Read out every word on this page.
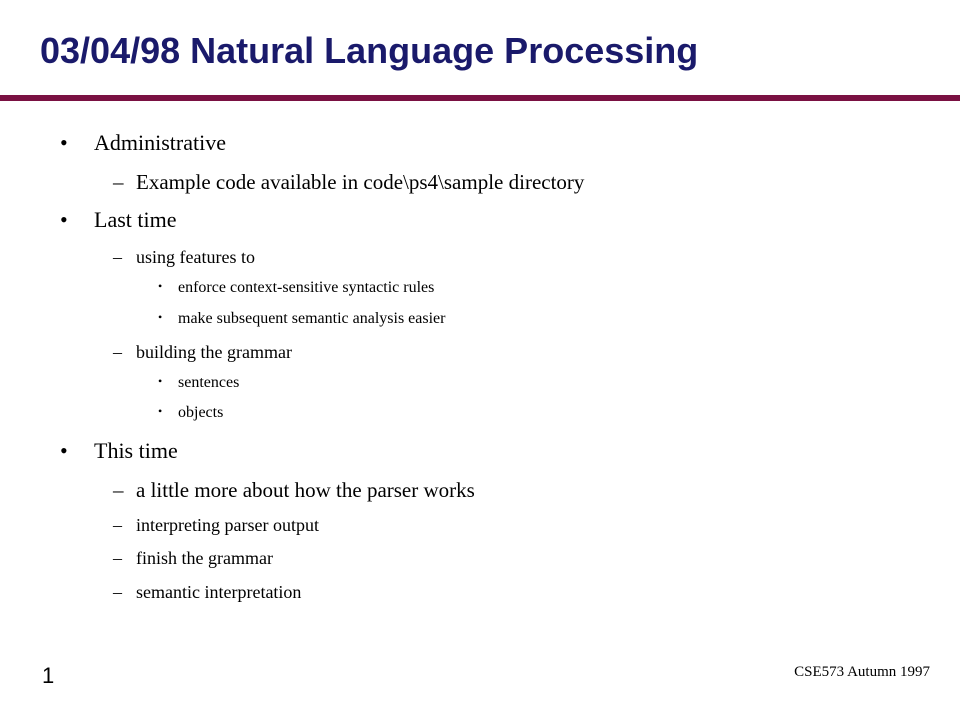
03/04/98 Natural Language Processing
• Administrative
– Example code available in code\ps4\sample directory
• Last time
– using features to
• enforce context-sensitive syntactic rules
• make subsequent semantic analysis easier
– building the grammar
• sentences
• objects
• This time
– a little more about how the parser works
– interpreting parser output
– finish the grammar
– semantic interpretation
1	CSE573 Autumn 1997
